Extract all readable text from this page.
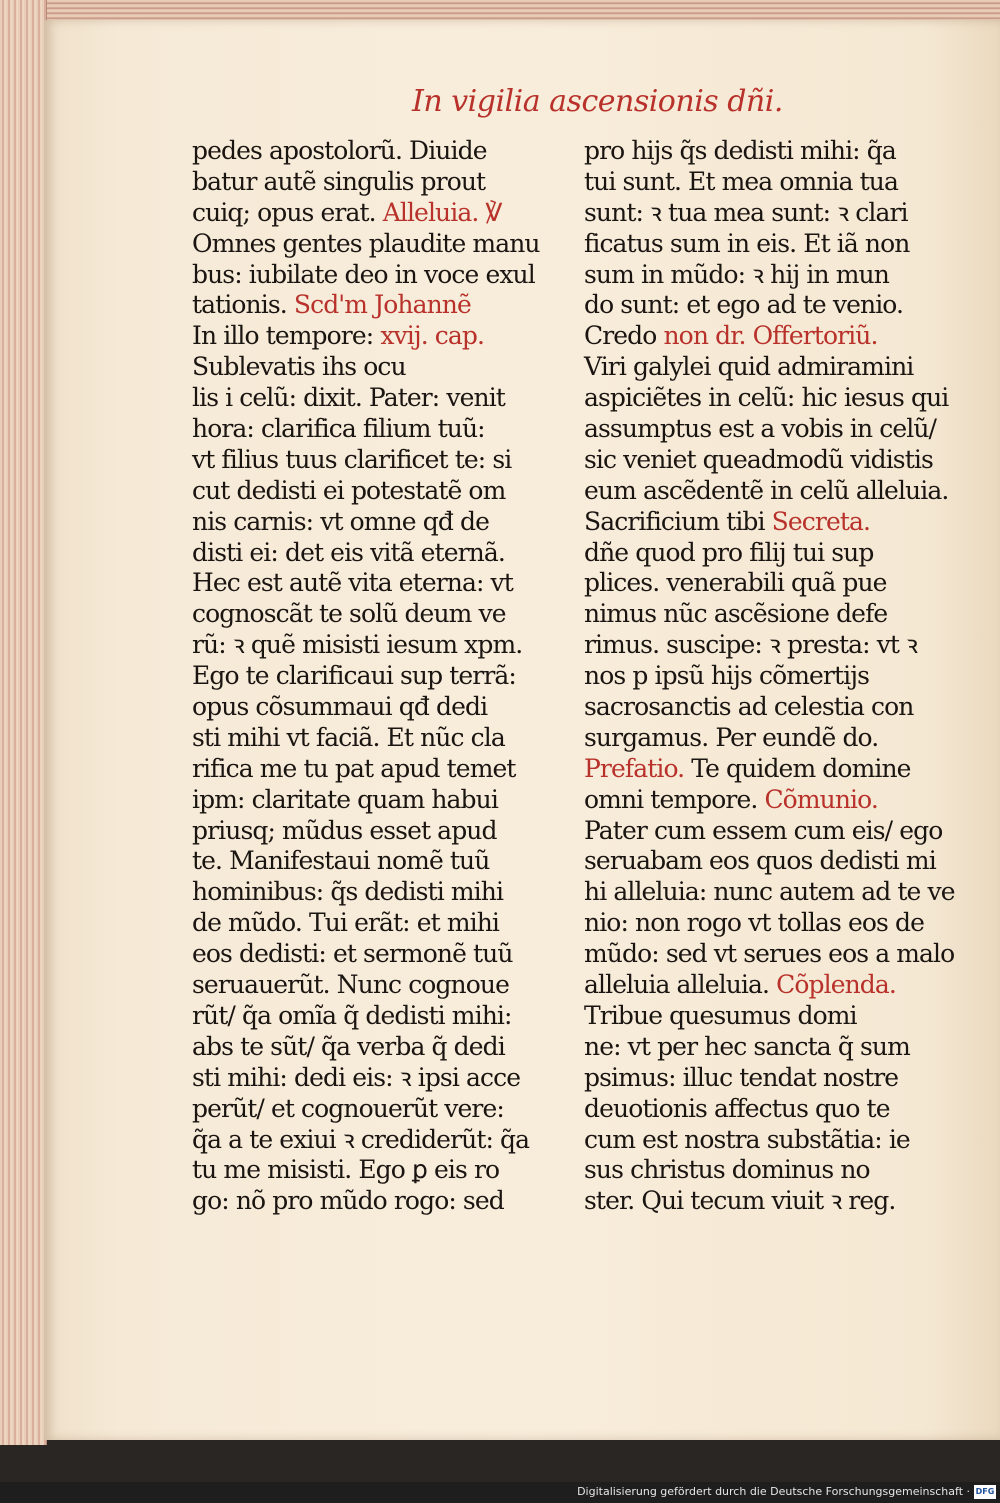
In vigilia ascensionis dñi.
pedes apostolorũ. Diuide
batur autẽ singulis prout
cuiq; opus erat. Alleluia. ℣
Omnes gentes plaudite manu
bus: iubilate deo in voce exul
tationis. Scd'm Johannẽ
In illo tempore: xvij. cap.
Sublevatis ihs ocu
lis i celũ: dixit. Pater: venit
hora: clarifica filium tuũ:
vt filius tuus clarificet te: si
cut dedisti ei potestatẽ om
nis carnis: vt omne qđ de
disti ei: det eis vitã eternã.
Hec est autẽ vita eterna: vt
cognoscãt te solũ deum ve
rũ: ꝛ quẽ misisti iesum xpm.
Ego te clarificaui sup terrã:
opus cõsummaui qđ dedi
sti mihi vt faciã. Et nũc cla
rifica me tu pat apud temet
ipm: claritate quam habui
priusq; mũdus esset apud
te. Manifestaui nomẽ tuũ
hominibus: q̃s dedisti mihi
de mũdo. Tui erãt: et mihi
eos dedisti: et sermonẽ tuũ
seruauerũt. Nunc cognoue
rũt/ q̃a omĩa q̃ dedisti mihi:
abs te sũt/ q̃a verba q̃ dedi
sti mihi: dedi eis: ꝛ ipsi acce
perũt/ et cognouerũt vere:
q̃a a te exiui ꝛ crediderũt: q̃a
tu me misisti. Ego ꝑ eis ro
go: nõ pro mũdo rogo: sed
pro hijs q̃s dedisti mihi: q̃a
tui sunt. Et mea omnia tua
sunt: ꝛ tua mea sunt: ꝛ clari
ficatus sum in eis. Et iã non
sum in mũdo: ꝛ hij in mun
do sunt: et ego ad te venio.
Credo non dr. Offertoriũ.
Viri galylei quid admiramini
aspiciẽtes in celũ: hic iesus qui
assumptus est a vobis in celũ/
sic veniet queadmodũ vidistis
eum ascẽdentẽ in celũ alleluia.
Sacrificium tibi Secreta.
dñe quod pro filij tui sup
plices. venerabili quã pue
nimus nũc ascẽsione defe
rimus. suscipe: ꝛ presta: vt ꝛ
nos p ipsũ hijs cõmertijs
sacrosanctis ad celestia con
surgamus. Per eundẽ do.
Prefatio. Te quidem domine
omni tempore. Cõmunio.
Pater cum essem cum eis/ ego
seruabam eos quos dedisti mi
hi alleluia: nunc autem ad te ve
nio: non rogo vt tollas eos de
mũdo: sed vt serues eos a malo
alleluia alleluia. Cõplenda.
Tribue quesumus domi
ne: vt per hec sancta q̃ sum
psimus: illuc tendat nostre
deuotionis affectus quo te
cum est nostra substãtia: ie
sus christus dominus no
ster. Qui tecum viuit ꝛ reg.
Digitalisierung gefördert durch die Deutsche Forschungsgemeinschaft · DFG
